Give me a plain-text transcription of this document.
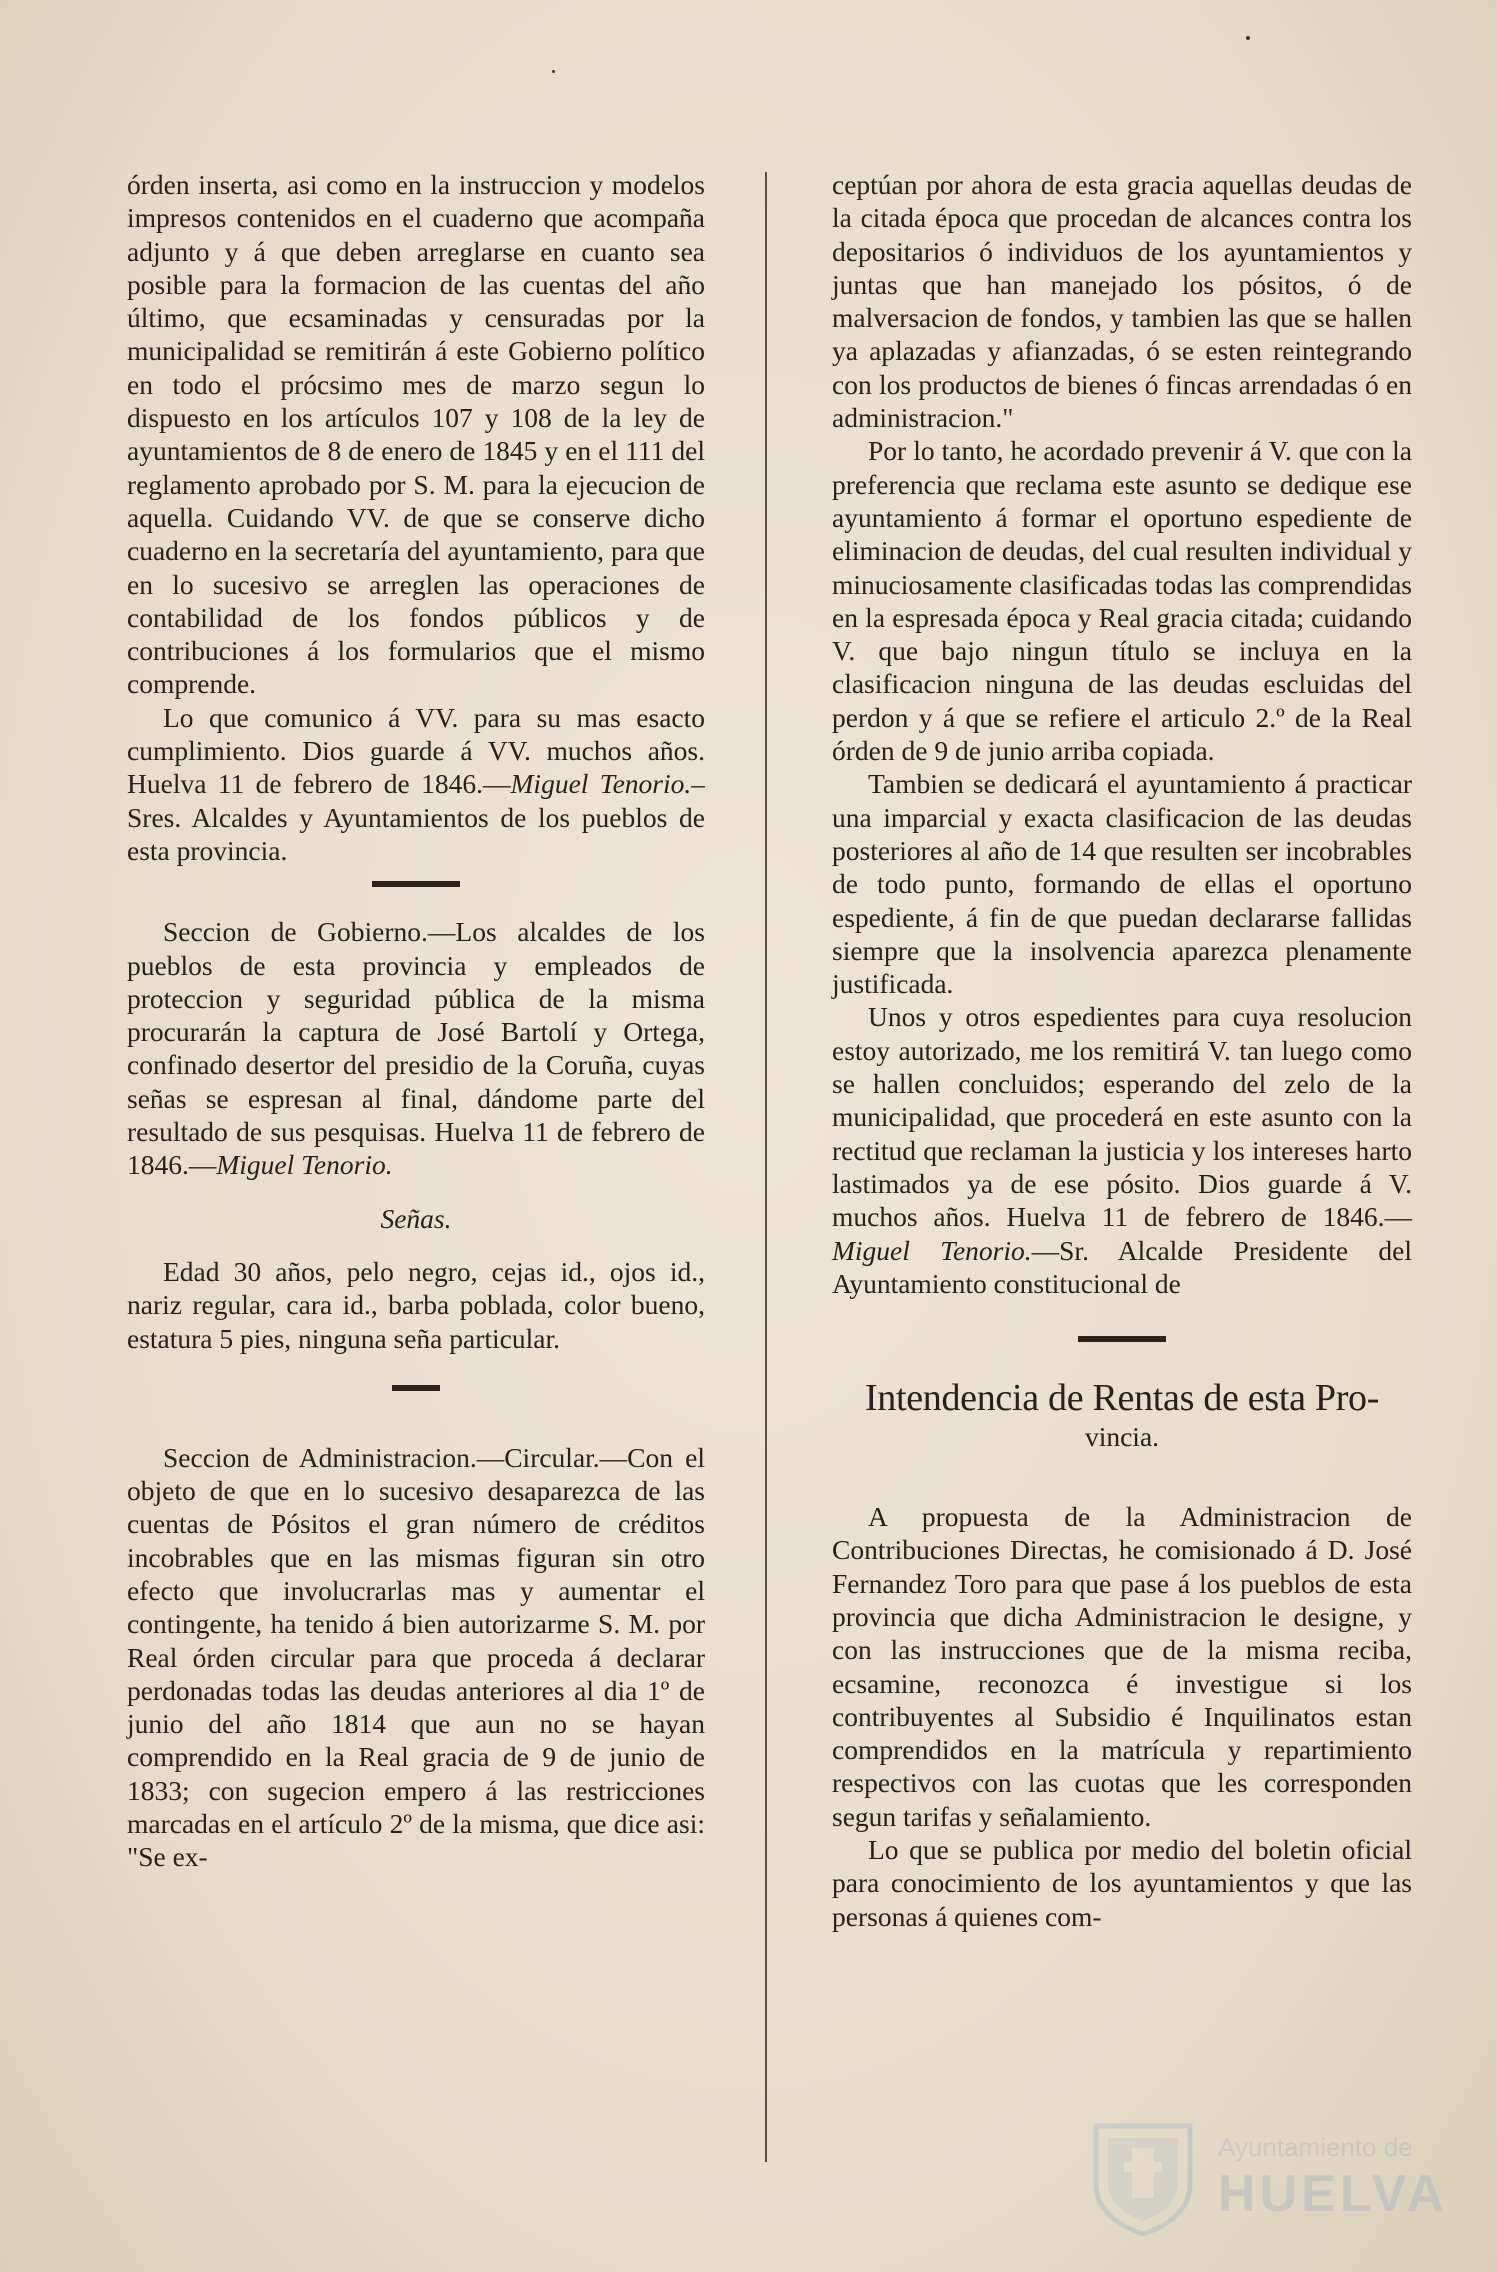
órden inserta, asi como en la instruccion y modelos impresos contenidos en el cuaderno que acompaña adjunto y á que deben arreglarse en cuanto sea posible para la formacion de las cuentas del año último, que ecsaminadas y censuradas por la municipalidad se remitirán á este Gobierno político en todo el prócsimo mes de marzo segun lo dispuesto en los artículos 107 y 108 de la ley de ayuntamientos de 8 de enero de 1845 y en el 111 del reglamento aprobado por S. M. para la ejecucion de aquella. Cuidando VV. de que se conserve dicho cuaderno en la secretaría del ayuntamiento, para que en lo sucesivo se arreglen las operaciones de contabilidad de los fondos públicos y de contribuciones á los formularios que el mismo comprende.

Lo que comunico á VV. para su mas esacto cumplimiento. Dios guarde á VV. muchos años. Huelva 11 de febrero de 1846.—Miguel Tenorio.–Sres. Alcaldes y Ayuntamientos de los pueblos de esta provincia.

Seccion de Gobierno.—Los alcaldes de los pueblos de esta provincia y empleados de proteccion y seguridad pública de la misma procurarán la captura de José Bartolí y Ortega, confinado desertor del presidio de la Coruña, cuyas señas se espresan al final, dándome parte del resultado de sus pesquisas. Huelva 11 de febrero de 1846.—Miguel Tenorio.

Señas.

Edad 30 años, pelo negro, cejas id., ojos id., nariz regular, cara id., barba poblada, color bueno, estatura 5 pies, ninguna seña particular.

Seccion de Administracion.—Circular.—Con el objeto de que en lo sucesivo desaparezca de las cuentas de Pósitos el gran número de créditos incobrables que en las mismas figuran sin otro efecto que involucrarlas mas y aumentar el contingente, ha tenido á bien autorizarme S. M. por Real órden circular para que proceda á declarar perdonadas todas las deudas anteriores al dia 1º de junio del año 1814 que aun no se hayan comprendido en la Real gracia de 9 de junio de 1833; con sugecion empero á las restricciones marcadas en el artículo 2º de la misma, que dice asi: "Se ex-

ceptúan por ahora de esta gracia aquellas deudas de la citada época que procedan de alcances contra los depositarios ó individuos de los ayuntamientos y juntas que han manejado los pósitos, ó de malversacion de fondos, y tambien las que se hallen ya aplazadas y afianzadas, ó se esten reintegrando con los productos de bienes ó fincas arrendadas ó en administracion."

Por lo tanto, he acordado prevenir á V. que con la preferencia que reclama este asunto se dedique ese ayuntamiento á formar el oportuno espediente de eliminacion de deudas, del cual resulten individual y minuciosamente clasificadas todas las comprendidas en la espresada época y Real gracia citada; cuidando V. que bajo ningun título se incluya en la clasificacion ninguna de las deudas escluidas del perdon y á que se refiere el articulo 2.º de la Real órden de 9 de junio arriba copiada.

Tambien se dedicará el ayuntamiento á practicar una imparcial y exacta clasificacion de las deudas posteriores al año de 14 que resulten ser incobrables de todo punto, formando de ellas el oportuno espediente, á fin de que puedan declararse fallidas siempre que la insolvencia aparezca plenamente justificada.

Unos y otros espedientes para cuya resolucion estoy autorizado, me los remitirá V. tan luego como se hallen concluidos; esperando del zelo de la municipalidad, que procederá en este asunto con la rectitud que reclaman la justicia y los intereses harto lastimados ya de ese pósito. Dios guarde á V. muchos años. Huelva 11 de febrero de 1846.—Miguel Tenorio.—Sr. Alcalde Presidente del Ayuntamiento constitucional de

Intendencia de Rentas de esta Pro-
vincia.

A propuesta de la Administracion de Contribuciones Directas, he comisionado á D. José Fernandez Toro para que pase á los pueblos de esta provincia que dicha Administracion le designe, y con las instrucciones que de la misma reciba, ecsamine, reconozca é investigue si los contribuyentes al Subsidio é Inquilinatos estan comprendidos en la matrícula y repartimiento respectivos con las cuotas que les corresponden segun tarifas y señalamiento.

Lo que se publica por medio del boletin oficial para conocimiento de los ayuntamientos y que las personas á quienes com-

Ayuntamiento de
HUELVA
